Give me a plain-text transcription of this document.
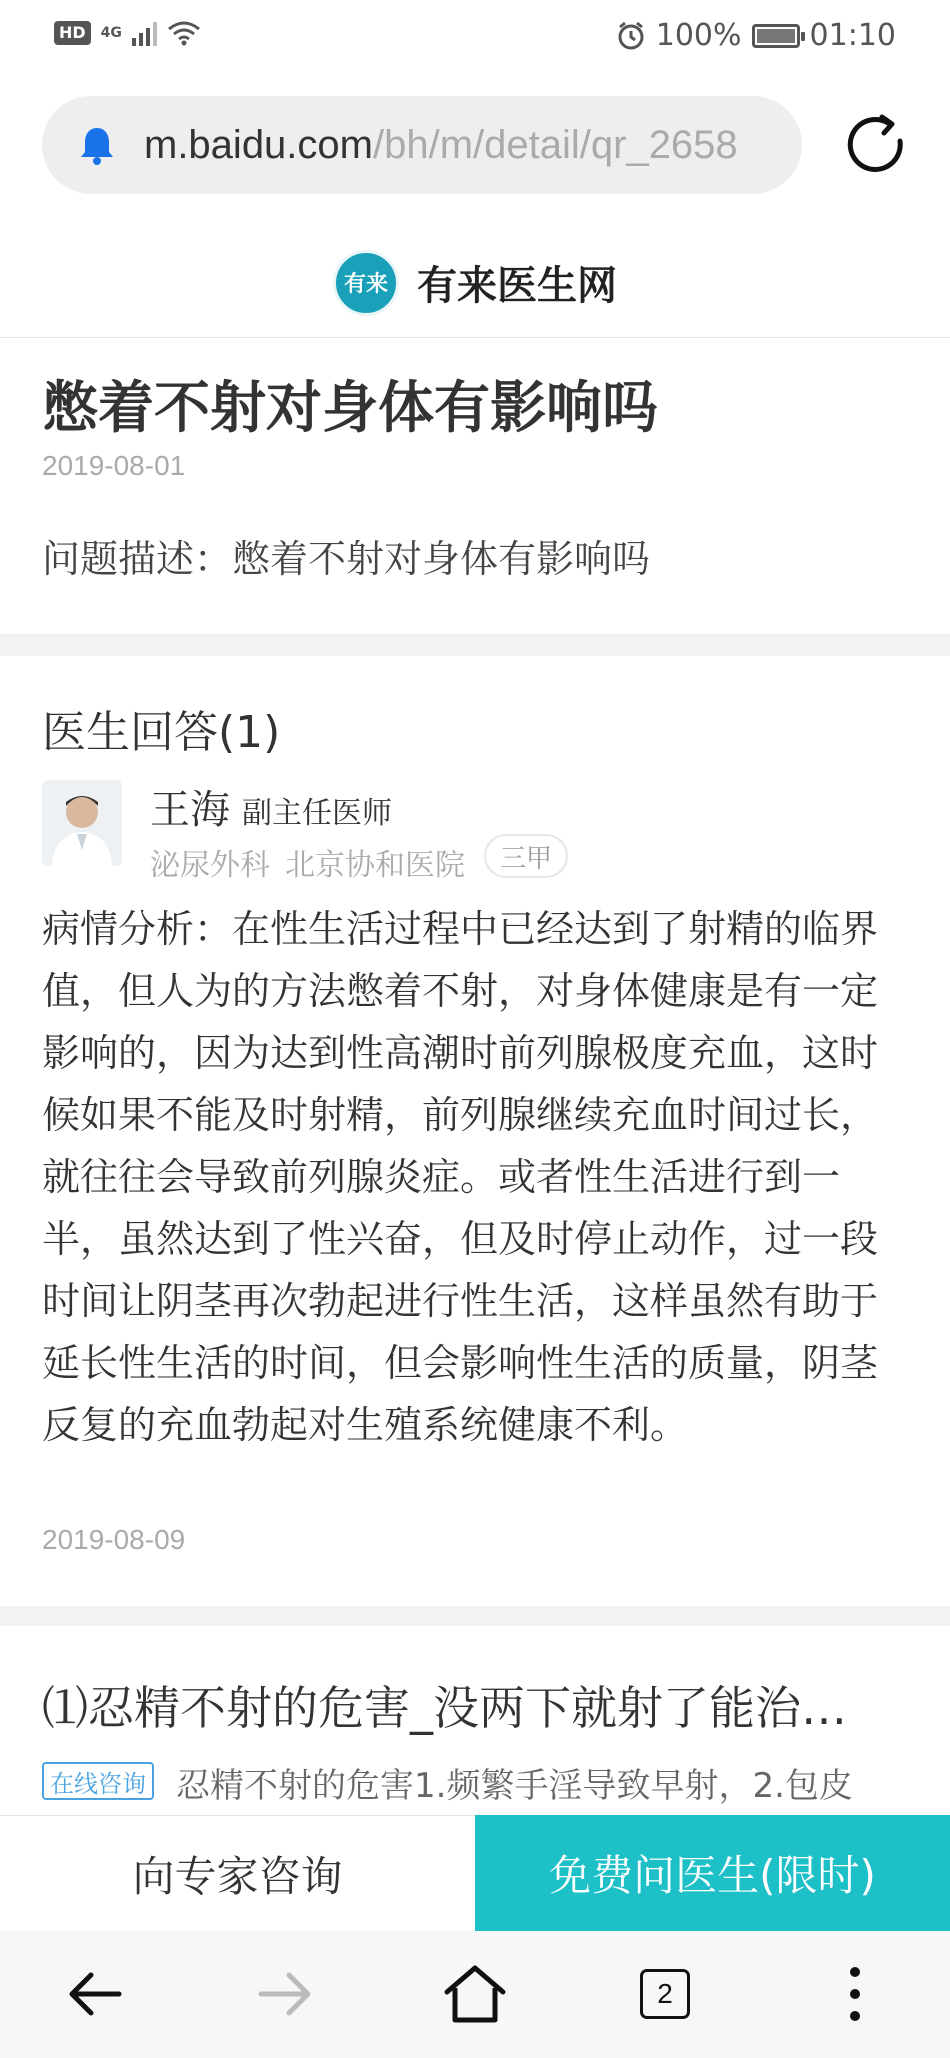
HD	4G	100% 01:10
m.baidu.com/bh/m/detail/qr_2658
有来 有来医生网
憋着不射对身体有影响吗
2019-08-01
问题描述：憋着不射对身体有影响吗
医生回答(1)
王海 副主任医师
泌尿外科 北京协和医院	三甲
病情分析：在性生活过程中已经达到了射精的临界值，但人为的方法憋着不射，对身体健康是有一定影响的，因为达到性高潮时前列腺极度充血，这时候如果不能及时射精，前列腺继续充血时间过长，就往往会导致前列腺炎症。或者性生活进行到一半，虽然达到了性兴奋，但及时停止动作，过一段时间让阴茎再次勃起进行性生活，这样虽然有助于延长性生活的时间，但会影响性生活的质量，阴茎反复的充血勃起对生殖系统健康不利。
2019-08-09
⑴忍精不射的危害_没两下就射了能治…
在线咨询 忍精不射的危害1.频繁手淫导致早射，2.包皮
向专家咨询	免费问医生(限时)
2
